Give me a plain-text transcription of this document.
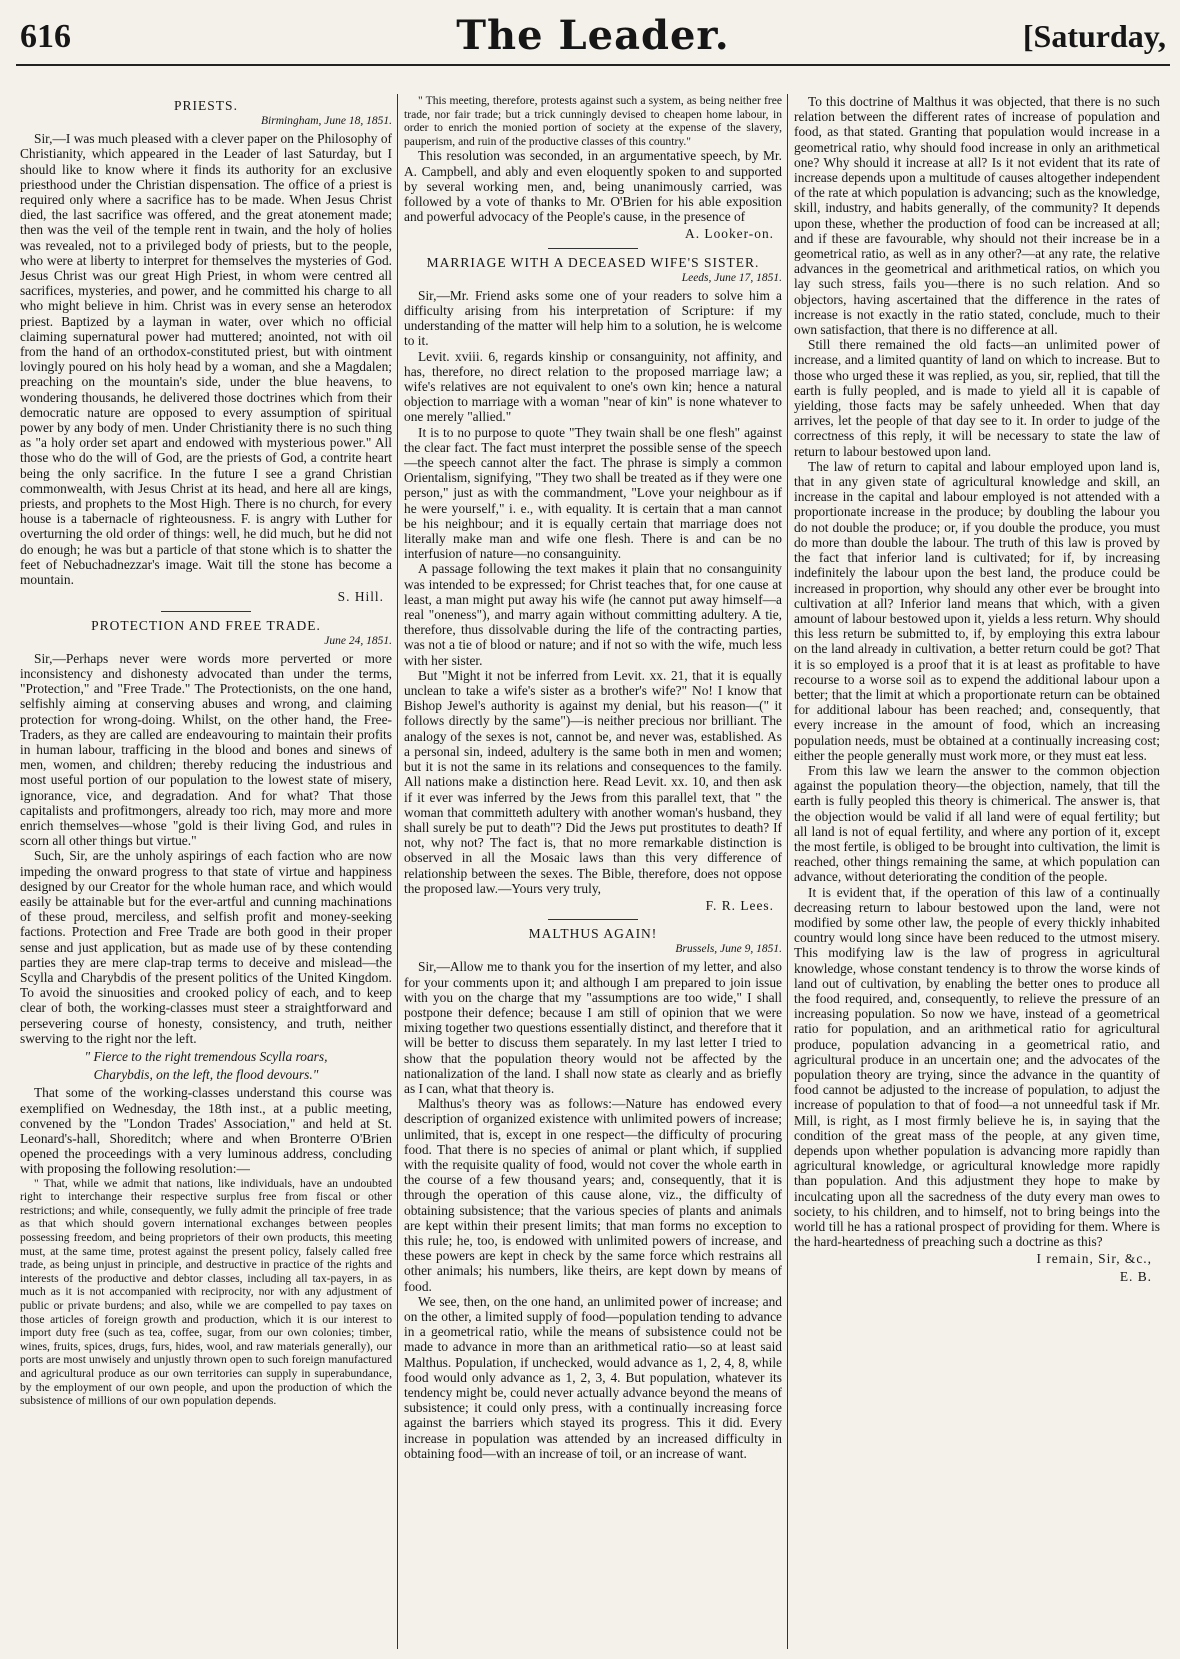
616	The Leader.	[Saturday,
PRIESTS.
Birmingham, June 18, 1851.

Sir,—I was much pleased with a clever paper on the Philosophy of Christianity, which appeared in the Leader of last Saturday, but I should like to know where it finds its authority for an exclusive priesthood under the Christian dispensation. The office of a priest is required only where a sacrifice has to be made. When Jesus Christ died, the last sacrifice was offered, and the great atonement made; then was the veil of the temple rent in twain, and the holy of holies was revealed, not to a privileged body of priests, but to the people, who were at liberty to interpret for themselves the mysteries of God. Jesus Christ was our great High Priest, in whom were centred all sacrifices, mysteries, and power, and he committed his charge to all who might believe in him. Christ was in every sense an heterodox priest. Baptized by a layman in water, over which no official claiming supernatural power had muttered; anointed, not with oil from the hand of an orthodox-constituted priest, but with ointment lovingly poured on his holy head by a woman, and she a Magdalen; preaching on the mountain's side, under the blue heavens, to wondering thousands, he delivered those doctrines which from their democratic nature are opposed to every assumption of spiritual power by any body of men. Under Christianity there is no such thing as "a holy order set apart and endowed with mysterious power." All those who do the will of God, are the priests of God, a contrite heart being the only sacrifice. In the future I see a grand Christian commonwealth, with Jesus Christ at its head, and here all are kings, priests, and prophets to the Most High. There is no church, for every house is a tabernacle of righteousness. F. is angry with Luther for overturning the old order of things: well, he did much, but he did not do enough; he was but a particle of that stone which is to shatter the feet of Nebuchadnezzar's image. Wait till the stone has become a mountain.

S. Hill.
PROTECTION AND FREE TRADE.
June 24, 1851.

Sir,—Perhaps never were words more perverted or more inconsistency and dishonesty advocated than under the terms, "Protection," and "Free Trade." The Protectionists, on the one hand, selfishly aiming at conserving abuses and wrong, and claiming protection for wrong-doing. Whilst, on the other hand, the Free-Traders, as they are called are endeavouring to maintain their profits in human labour, trafficing in the blood and bones and sinews of men, women, and children; thereby reducing the industrious and most useful portion of our population to the lowest state of misery, ignorance, vice, and degradation. And for what? That those capitalists and profitmongers, already too rich, may more and more enrich themselves—whose "gold is their living God, and rules in scorn all other things but virtue."

Such, Sir, are the unholy aspirings of each faction who are now impeding the onward progress to that state of virtue and happiness designed by our Creator for the whole human race, and which would easily be attainable but for the ever-artful and cunning machinations of these proud, merciless, and selfish profit and money-seeking factions. Protection and Free Trade are both good in their proper sense and just application, but as made use of by these contending parties they are mere clap-trap terms to deceive and mislead—the Scylla and Charybdis of the present politics of the United Kingdom. To avoid the sinuosities and crooked policy of each, and to keep clear of both, the working-classes must steer a straightforward and persevering course of honesty, consistency, and truth, neither swerving to the right nor the left.

" Fierce to the right tremendous Scylla roars,
Charybdis, on the left, the flood devours."

That some of the working-classes understand this course was exemplified on Wednesday, the 18th inst., at a public meeting, convened by the "London Trades' Association," and held at St. Leonard's-hall, Shoreditch; where and when Bronterre O'Brien opened the proceedings with a very luminous address, concluding with proposing the following resolution:—

" That, while we admit that nations, like individuals, have an undoubted right to interchange their respective surplus free from fiscal or other restrictions; and while, consequently, we fully admit the principle of free trade as that which should govern international exchanges between peoples possessing freedom, and being proprietors of their own products, this meeting must, at the same time, protest against the present policy, falsely called free trade, as being unjust in principle, and destructive in practice of the rights and interests of the productive and debtor classes, including all tax-payers, in as much as it is not accompanied with reciprocity, nor with any adjustment of public or private burdens; and also, while we are compelled to pay taxes on those articles of foreign growth and production, which it is our interest to import duty free (such as tea, coffee, sugar, from our own colonies; timber, wines, fruits, spices, drugs, furs, hides, wool, and raw materials generally), our ports are most unwisely and unjustly thrown open to such foreign manufactured and agricultural produce as our own territories can supply in superabundance, by the employment of our own people, and upon the production of which the subsistence of millions of our own population depends.

" This meeting, therefore, protests against such a system, as being neither free trade, nor fair trade; but a trick cunningly devised to cheapen home labour, in order to enrich the monied portion of society at the expense of the slavery, pauperism, and ruin of the productive classes of this country."

This resolution was seconded, in an argumentative speech, by Mr. A. Campbell, and ably and even eloquently spoken to and supported by several working men, and, being unanimously carried, was followed by a vote of thanks to Mr. O'Brien for his able exposition and powerful advocacy of the People's cause, in the presence of

A. Looker-on.
MARRIAGE WITH A DECEASED WIFE'S SISTER.
Leeds, June 17, 1851.

Sir,—Mr. Friend asks some one of your readers to solve him a difficulty arising from his interpretation of Scripture: if my understanding of the matter will help him to a solution, he is welcome to it.

Levit. xviii. 6, regards kinship or consanguinity, not affinity, and has, therefore, no direct relation to the proposed marriage law; a wife's relatives are not equivalent to one's own kin; hence a natural objection to marriage with a woman "near of kin" is none whatever to one merely "allied."

It is to no purpose to quote "They twain shall be one flesh" against the clear fact. The fact must interpret the possible sense of the speech—the speech cannot alter the fact. The phrase is simply a common Orientalism, signifying, "They two shall be treated as if they were one person," just as with the commandment, "Love your neighbour as if he were yourself," i. e., with equality. It is certain that a man cannot be his neighbour; and it is equally certain that marriage does not literally make man and wife one flesh. There is and can be no interfusion of nature—no consanguinity.

A passage following the text makes it plain that no consanguinity was intended to be expressed; for Christ teaches that, for one cause at least, a man might put away his wife (he cannot put away himself—a real "oneness"), and marry again without committing adultery. A tie, therefore, thus dissolvable during the life of the contracting parties, was not a tie of blood or nature; and if not so with the wife, much less with her sister.

But "Might it not be inferred from Levit. xx. 21, that it is equally unclean to take a wife's sister as a brother's wife?" No! I know that Bishop Jewel's authority is against my denial, but his reason—(" it follows directly by the same")—is neither precious nor brilliant. The analogy of the sexes is not, cannot be, and never was, established. As a personal sin, indeed, adultery is the same both in men and women; but it is not the same in its relations and consequences to the family. All nations make a distinction here. Read Levit. xx. 10, and then ask if it ever was inferred by the Jews from this parallel text, that " the woman that committeth adultery with another woman's husband, they shall surely be put to death"? Did the Jews put prostitutes to death? If not, why not? The fact is, that no more remarkable distinction is observed in all the Mosaic laws than this very difference of relationship between the sexes. The Bible, therefore, does not oppose the proposed law.—Yours very truly,

F. R. Lees.
MALTHUS AGAIN!
Brussels, June 9, 1851.

Sir,—Allow me to thank you for the insertion of my letter, and also for your comments upon it; and although I am prepared to join issue with you on the charge that my "assumptions are too wide," I shall postpone their defence; because I am still of opinion that we were mixing together two questions essentially distinct, and therefore that it will be better to discuss them separately. In my last letter I tried to show that the population theory would not be affected by the nationalization of the land. I shall now state as clearly and as briefly as I can, what that theory is.

Malthus's theory was as follows:—Nature has endowed every description of organized existence with unlimited powers of increase; unlimited, that is, except in one respect—the difficulty of procuring food. That there is no species of animal or plant which, if supplied with the requisite quality of food, would not cover the whole earth in the course of a few thousand years; and, consequently, that it is through the operation of this cause alone, viz., the difficulty of obtaining subsistence; that the various species of plants and animals are kept within their present limits; that man forms no exception to this rule; he, too, is endowed with unlimited powers of increase, and these powers are kept in check by the same force which restrains all other animals; his numbers, like theirs, are kept down by means of food.

We see, then, on the one hand, an unlimited power of increase; and on the other, a limited supply of food—population tending to advance in a geometrical ratio, while the means of subsistence could not be made to advance in more than an arithmetical ratio—so at least said Malthus. Population, if unchecked, would advance as 1, 2, 4, 8, while food would only advance as 1, 2, 3, 4. But population, whatever its tendency might be, could never actually advance beyond the means of subsistence; it could only press, with a continually increasing force against the barriers which stayed its progress. This it did. Every increase in population was attended by an increased difficulty in obtaining food—with an increase of toil, or an increase of want.

To this doctrine of Malthus it was objected, that there is no such relation between the different rates of increase of population and food, as that stated. Granting that population would increase in a geometrical ratio, why should food increase in only an arithmetical one? Why should it increase at all? Is it not evident that its rate of increase depends upon a multitude of causes altogether independent of the rate at which population is advancing; such as the knowledge, skill, industry, and habits generally, of the community? It depends upon these, whether the production of food can be increased at all; and if these are favourable, why should not their increase be in a geometrical ratio, as well as in any other?—at any rate, the relative advances in the geometrical and arithmetical ratios, on which you lay such stress, fails you—there is no such relation. And so objectors, having ascertained that the difference in the rates of increase is not exactly in the ratio stated, conclude, much to their own satisfaction, that there is no difference at all.

Still there remained the old facts—an unlimited power of increase, and a limited quantity of land on which to increase. But to those who urged these it was replied, as you, sir, replied, that till the earth is fully peopled, and is made to yield all it is capable of yielding, those facts may be safely unheeded. When that day arrives, let the people of that day see to it. In order to judge of the correctness of this reply, it will be necessary to state the law of return to labour bestowed upon land.

The law of return to capital and labour employed upon land is, that in any given state of agricultural knowledge and skill, an increase in the capital and labour employed is not attended with a proportionate increase in the produce; by doubling the labour you do not double the produce; or, if you double the produce, you must do more than double the labour. The truth of this law is proved by the fact that inferior land is cultivated; for if, by increasing indefinitely the labour upon the best land, the produce could be increased in proportion, why should any other ever be brought into cultivation at all? Inferior land means that which, with a given amount of labour bestowed upon it, yields a less return. Why should this less return be submitted to, if, by employing this extra labour on the land already in cultivation, a better return could be got? That it is so employed is a proof that it is at least as profitable to have recourse to a worse soil as to expend the additional labour upon a better; that the limit at which a proportionate return can be obtained for additional labour has been reached; and, consequently, that every increase in the amount of food, which an increasing population needs, must be obtained at a continually increasing cost; either the people generally must work more, or they must eat less.

From this law we learn the answer to the common objection against the population theory—the objection, namely, that till the earth is fully peopled this theory is chimerical. The answer is, that the objection would be valid if all land were of equal fertility; but all land is not of equal fertility, and where any portion of it, except the most fertile, is obliged to be brought into cultivation, the limit is reached, other things remaining the same, at which population can advance, without deteriorating the condition of the people.

It is evident that, if the operation of this law of a continually decreasing return to labour bestowed upon the land, were not modified by some other law, the people of every thickly inhabited country would long since have been reduced to the utmost misery. This modifying law is the law of progress in agricultural knowledge, whose constant tendency is to throw the worse kinds of land out of cultivation, by enabling the better ones to produce all the food required, and, consequently, to relieve the pressure of an increasing population. So now we have, instead of a geometrical ratio for population, and an arithmetical ratio for agricultural produce, population advancing in a geometrical ratio, and agricultural produce in an uncertain one; and the advocates of the population theory are trying, since the advance in the quantity of food cannot be adjusted to the increase of population, to adjust the increase of population to that of food—a not unneedful task if Mr. Mill, is right, as I most firmly believe he is, in saying that the condition of the great mass of the people, at any given time, depends upon whether population is advancing more rapidly than agricultural knowledge, or agricultural knowledge more rapidly than population. And this adjustment they hope to make by inculcating upon all the sacredness of the duty every man owes to society, to his children, and to himself, not to bring beings into the world till he has a rational prospect of providing for them. Where is the hard-heartedness of preaching such a doctrine as this?

I remain, Sir, &c.,
E. B.
